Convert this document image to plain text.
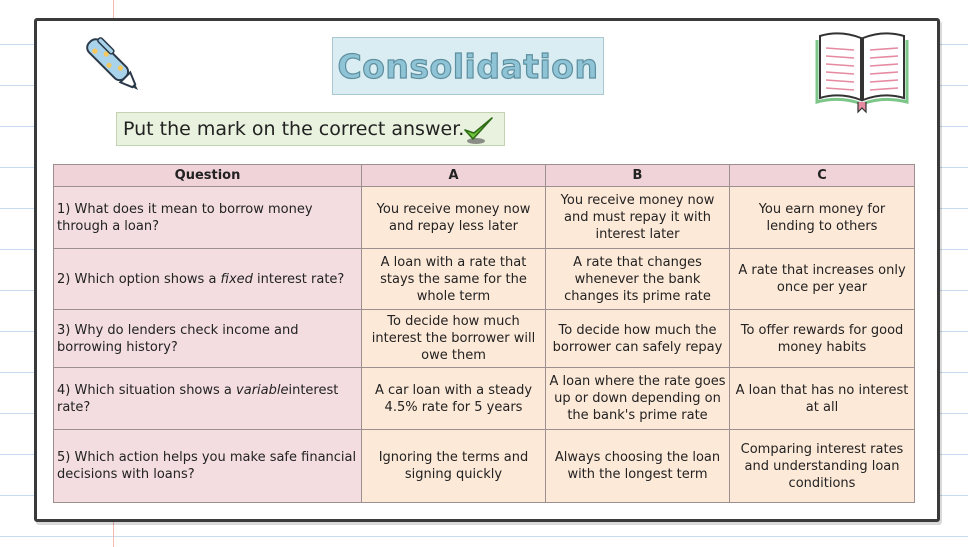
Consolidation
Put the mark on the correct answer.
Question	A	B	C
1) What does it mean to borrow money through a loan?	You receive money now and repay less later	You receive money now and must repay it with interest later	You earn money for lending to others
2) Which option shows a fixed interest rate?	A loan with a rate that stays the same for the whole term	A rate that changes whenever the bank changes its prime rate	A rate that increases only once per year
3) Why do lenders check income and borrowing history?	To decide how much interest the borrower will owe them	To decide how much the borrower can safely repay	To offer rewards for good money habits
4) Which situation shows a variableinterest rate?	A car loan with a steady 4.5% rate for 5 years	A loan where the rate goes up or down depending on the bank's prime rate	A loan that has no interest at all
5) Which action helps you make safe financial decisions with loans?	Ignoring the terms and signing quickly	Always choosing the loan with the longest term	Comparing interest rates and understanding loan conditions
